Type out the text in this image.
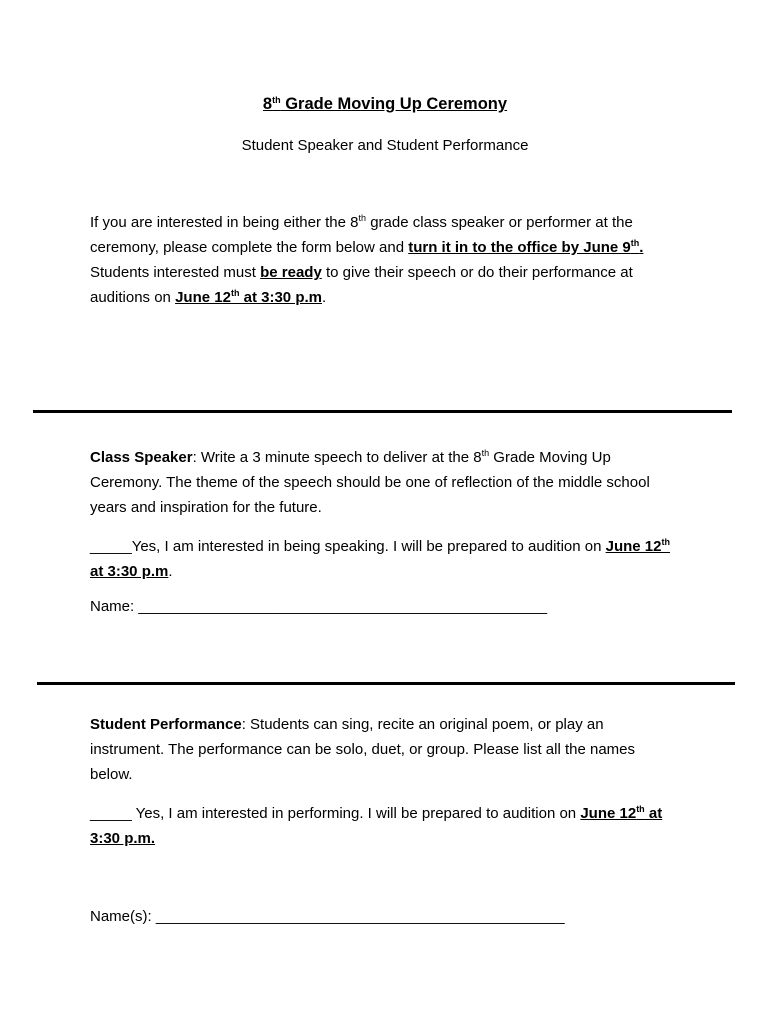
8th Grade Moving Up Ceremony
Student Speaker and Student Performance

If you are interested in being either the 8th grade class speaker or performer at the ceremony, please complete the form below and turn it in to the office by June 9th. Students interested must be ready to give their speech or do their performance at auditions on June 12th at 3:30 p.m.

Class Speaker: Write a 3 minute speech to deliver at the 8th Grade Moving Up Ceremony. The theme of the speech should be one of reflection of the middle school years and inspiration for the future.

_____Yes, I am interested in being speaking. I will be prepared to audition on June 12th at 3:30 p.m.

Name: _________________________________________________

Student Performance: Students can sing, recite an original poem, or play an instrument. The performance can be solo, duet, or group. Please list all the names below.

_____ Yes, I am interested in performing. I will be prepared to audition on June 12th at 3:30 p.m.

Name(s): _________________________________________________
